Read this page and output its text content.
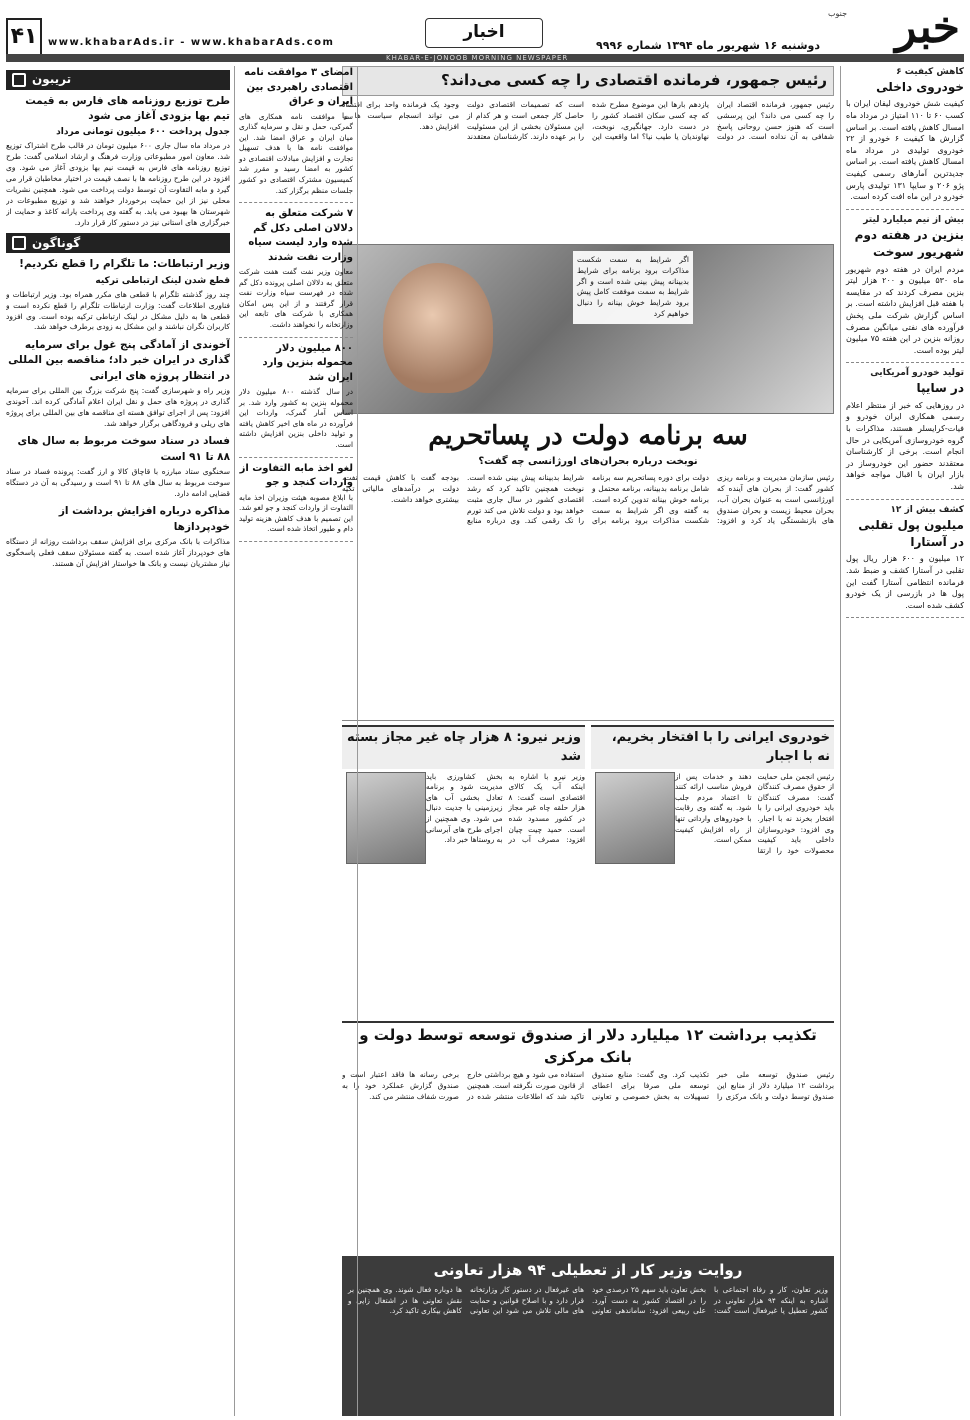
خبر
جنوب
دوشنبه ۱۶ شهریور ماه ۱۳۹۴ شماره ۹۹۹۶
اخبار
www.khabarAds.ir - www.khabarAds.com
۴۱
KHABAR-E-JONOOB MORNING NEWSPAPER
کاهش کیفیت ۶
خودروی داخلی

کیفیت شش خودروی لیفان ایران با کسب ۶۰ تا ۱۱۰ امتیاز در مرداد ماه امسال کاهش یافته است. بر اساس گزارش ها کیفیت ۶ خودرو از ۲۲ خودروی تولیدی در مرداد ماه امسال کاهش یافته است. بر اساس جدیدترین آمارهای رسمی کیفیت پژو ۲۰۶ و سایپا ۱۳۱ تولیدی پارس خودرو در این ماه افت کرده است.

بیش از نیم میلیارد لیتر
بنزین در هفته دوم شهریور سوخت

مردم ایران در هفته دوم شهریور ماه ۵۳۰ میلیون و ۲۰۰ هزار لیتر بنزین مصرف کردند که در مقایسه با هفته قبل افزایش داشته است. بر اساس گزارش شرکت ملی پخش فرآورده های نفتی میانگین مصرف روزانه بنزین در این هفته ۷۵ میلیون لیتر بوده است.

تولید خودرو آمریکایی
در سایپا

در روزهایی که خبر از منتظر اعلام رسمی همکاری ایران خودرو و فیات-کرایسلر هستند، مذاکرات با گروه خودروسازی آمریکایی در حال انجام است. برخی از کارشناسان معتقدند حضور این خودروساز در بازار ایران با اقبال مواجه خواهد شد.

کشف بیش از ۱۲
میلیون پول تقلبی در آستارا

۱۲ میلیون و ۶۰۰ هزار ریال پول تقلبی در آستارا کشف و ضبط شد. فرمانده انتظامی آستارا گفت این پول ها در بازرسی از یک خودرو کشف شده است.

رئیس جمهور، فرمانده اقتصادی را چه کسی می‌داند؟
رئیس جمهور، فرمانده اقتصاد ایران را چه کسی می داند؟ این پرسشی است که هنوز حسن روحانی پاسخ شفافی به آن نداده است. در دولت یازدهم بارها این موضوع مطرح شده که چه کسی سکان اقتصاد کشور را در دست دارد. جهانگیری، نوبخت، نهاوندیان یا طیب نیا؟ اما واقعیت این است که تصمیمات اقتصادی دولت حاصل کار جمعی است و هر کدام از این مسئولان بخشی از این مسئولیت را بر عهده دارند. کارشناسان معتقدند وجود یک فرمانده واحد برای اقتصاد می تواند انسجام سیاست ها را افزایش دهد.
اگر شرایط به سمت شکست مذاکرات برود برنامه برای شرایط بدبینانه پیش بینی شده است و اگر شرایط به سمت موفقت کامل پیش برود شرایط خوش بینانه را دنبال خواهیم کرد
سه برنامه دولت در پساتحریم
نوبخت درباره بحران‌های اورژانسی چه گفت؟
رئیس سازمان مدیریت و برنامه ریزی کشور گفت: از بحران های آینده که اورژانسی است به عنوان بحران آب، بحران محیط زیست و بحران صندوق های بازنشستگی یاد کرد و افزود: دولت برای دوره پساتحریم سه برنامه شامل برنامه بدبینانه، برنامه محتمل و برنامه خوش بینانه تدوین کرده است. به گفته وی اگر شرایط به سمت شکست مذاکرات برود برنامه برای شرایط بدبینانه پیش بینی شده است. نوبخت همچنین تاکید کرد که رشد اقتصادی کشور در سال جاری مثبت خواهد بود و دولت تلاش می کند تورم را تک رقمی کند. وی درباره منابع بودجه گفت با کاهش قیمت نفت، دولت بر درآمدهای مالیاتی تکیه بیشتری خواهد داشت.
خودروی ایرانی را با افتخار بخریم، نه با اجبار
رئیس انجمن ملی حمایت از حقوق مصرف کنندگان گفت: مصرف کنندگان باید خودروی ایرانی را با افتخار بخرند نه با اجبار. وی افزود: خودروسازان داخلی باید کیفیت محصولات خود را ارتقا دهند و خدمات پس از فروش مناسب ارائه کنند تا اعتماد مردم جلب شود. به گفته وی رقابت با خودروهای وارداتی تنها از راه افزایش کیفیت ممکن است.
وزیر نیرو: ۸ هزار چاه غیر مجاز بسته شد
وزیر نیرو با اشاره به اینکه آب یک کالای اقتصادی است گفت: ۸ هزار حلقه چاه غیر مجاز در کشور مسدود شده است. حمید چیت چیان افزود: مصرف آب در بخش کشاورزی باید مدیریت شود و برنامه تعادل بخشی آب های زیرزمینی با جدیت دنبال می شود. وی همچنین از اجرای طرح های آبرسانی به روستاها خبر داد.
تکذیب برداشت ۱۲ میلیارد دلار از صندوق توسعه توسط دولت و بانک مرکزی
رئیس صندوق توسعه ملی خبر برداشت ۱۲ میلیارد دلار از منابع این صندوق توسط دولت و بانک مرکزی را تکذیب کرد. وی گفت: منابع صندوق توسعه ملی صرفا برای اعطای تسهیلات به بخش خصوصی و تعاونی استفاده می شود و هیچ برداشتی خارج از قانون صورت نگرفته است. همچنین تاکید شد که اطلاعات منتشر شده در برخی رسانه ها فاقد اعتبار است و صندوق گزارش عملکرد خود را به صورت شفاف منتشر می کند.
روایت وزیر کار از تعطیلی ۹۴ هزار تعاونی
وزیر تعاون، کار و رفاه اجتماعی با اشاره به اینکه ۹۴ هزار تعاونی در کشور تعطیل یا غیرفعال است گفت: بخش تعاون باید سهم ۲۵ درصدی خود را در اقتصاد کشور به دست آورد. علی ربیعی افزود: ساماندهی تعاونی های غیرفعال در دستور کار وزارتخانه قرار دارد و با اصلاح قوانین و حمایت های مالی تلاش می شود این تعاونی ها دوباره فعال شوند. وی همچنین بر نقش تعاونی ها در اشتغال زایی و کاهش بیکاری تاکید کرد.
امضای ۳ موافقت نامه اقتصادی راهبردی بین ایران و عراق

سه موافقت نامه همکاری های گمرکی، حمل و نقل و سرمایه گذاری میان ایران و عراق امضا شد. این موافقت نامه ها با هدف تسهیل تجارت و افزایش مبادلات اقتصادی دو کشور به امضا رسید و مقرر شد کمیسیون مشترک اقتصادی دو کشور جلسات منظم برگزار کند.

۷ شرکت متعلق به دلالان اصلی دکل گم شده وارد لیست سیاه وزارت نفت شدند

معاون وزیر نفت گفت هفت شرکت متعلق به دلالان اصلی پرونده دکل گم شده در فهرست سیاه وزارت نفت قرار گرفتند و از این پس امکان همکاری با شرکت های تابعه این وزارتخانه را نخواهند داشت.

۸۰۰ میلیون دلار محموله بنزین وارد ایران شد

در سال گذشته ۸۰۰ میلیون دلار محموله بنزین به کشور وارد شد. بر اساس آمار گمرک، واردات این فرآورده در ماه های اخیر کاهش یافته و تولید داخلی بنزین افزایش داشته است.

لغو اخذ مابه التفاوت از واردات کنجد و جو

با ابلاغ مصوبه هیئت وزیران اخذ مابه التفاوت از واردات کنجد و جو لغو شد. این تصمیم با هدف کاهش هزینه تولید دام و طیور اتخاذ شده است.

تریبون
طرح توزیع روزنامه های فارس به قیمت تیم بها بزودی آغاز می شود
جدول پرداخت ۶۰۰ میلیون تومانی مرداد

در مرداد ماه سال جاری ۶۰۰ میلیون تومان در قالب طرح اشتراک توزیع شد. معاون امور مطبوعاتی وزارت فرهنگ و ارشاد اسلامی گفت: طرح توزیع روزنامه های فارس به قیمت نیم بها بزودی آغاز می شود. وی افزود در این طرح روزنامه ها با نصف قیمت در اختیار مخاطبان قرار می گیرد و مابه التفاوت آن توسط دولت پرداخت می شود. همچنین نشریات محلی نیز از این حمایت برخوردار خواهند شد و توزیع مطبوعات در شهرستان ها بهبود می یابد. به گفته وی پرداخت یارانه کاغذ و حمایت از خبرگزاری های استانی نیز در دستور کار قرار دارد.

گوناگون
وزیر ارتباطات: ما تلگرام را قطع نکردیم!
قطع شدن لینک ارتباطی ترکیه

چند روز گذشته تلگرام با قطعی های مکرر همراه بود. وزیر ارتباطات و فناوری اطلاعات گفت: وزارت ارتباطات تلگرام را قطع نکرده است و قطعی ها به دلیل مشکل در لینک ارتباطی ترکیه بوده است. وی افزود کاربران نگران نباشند و این مشکل به زودی برطرف خواهد شد.

آخوندی از آمادگی پنج غول برای سرمایه گذاری در ایران خبر داد؛ مناقصه بین المللی در انتظار پروژه های ایرانی

وزیر راه و شهرسازی گفت: پنج شرکت بزرگ بین المللی برای سرمایه گذاری در پروژه های حمل و نقل ایران اعلام آمادگی کرده اند. آخوندی افزود: پس از اجرای توافق هسته ای مناقصه های بین المللی برای پروژه های ریلی و فرودگاهی برگزار خواهد شد.

فساد در سناد سوخت مربوط به سال های ۸۸ تا ۹۱ است

سخنگوی ستاد مبارزه با قاچاق کالا و ارز گفت: پرونده فساد در سناد سوخت مربوط به سال های ۸۸ تا ۹۱ است و رسیدگی به آن در دستگاه قضایی ادامه دارد.

مذاکره درباره افزایش برداشت از خودپردازها

مذاکرات با بانک مرکزی برای افزایش سقف برداشت روزانه از دستگاه های خودپرداز آغاز شده است. به گفته مسئولان سقف فعلی پاسخگوی نیاز مشتریان نیست و بانک ها خواستار افزایش آن هستند.
